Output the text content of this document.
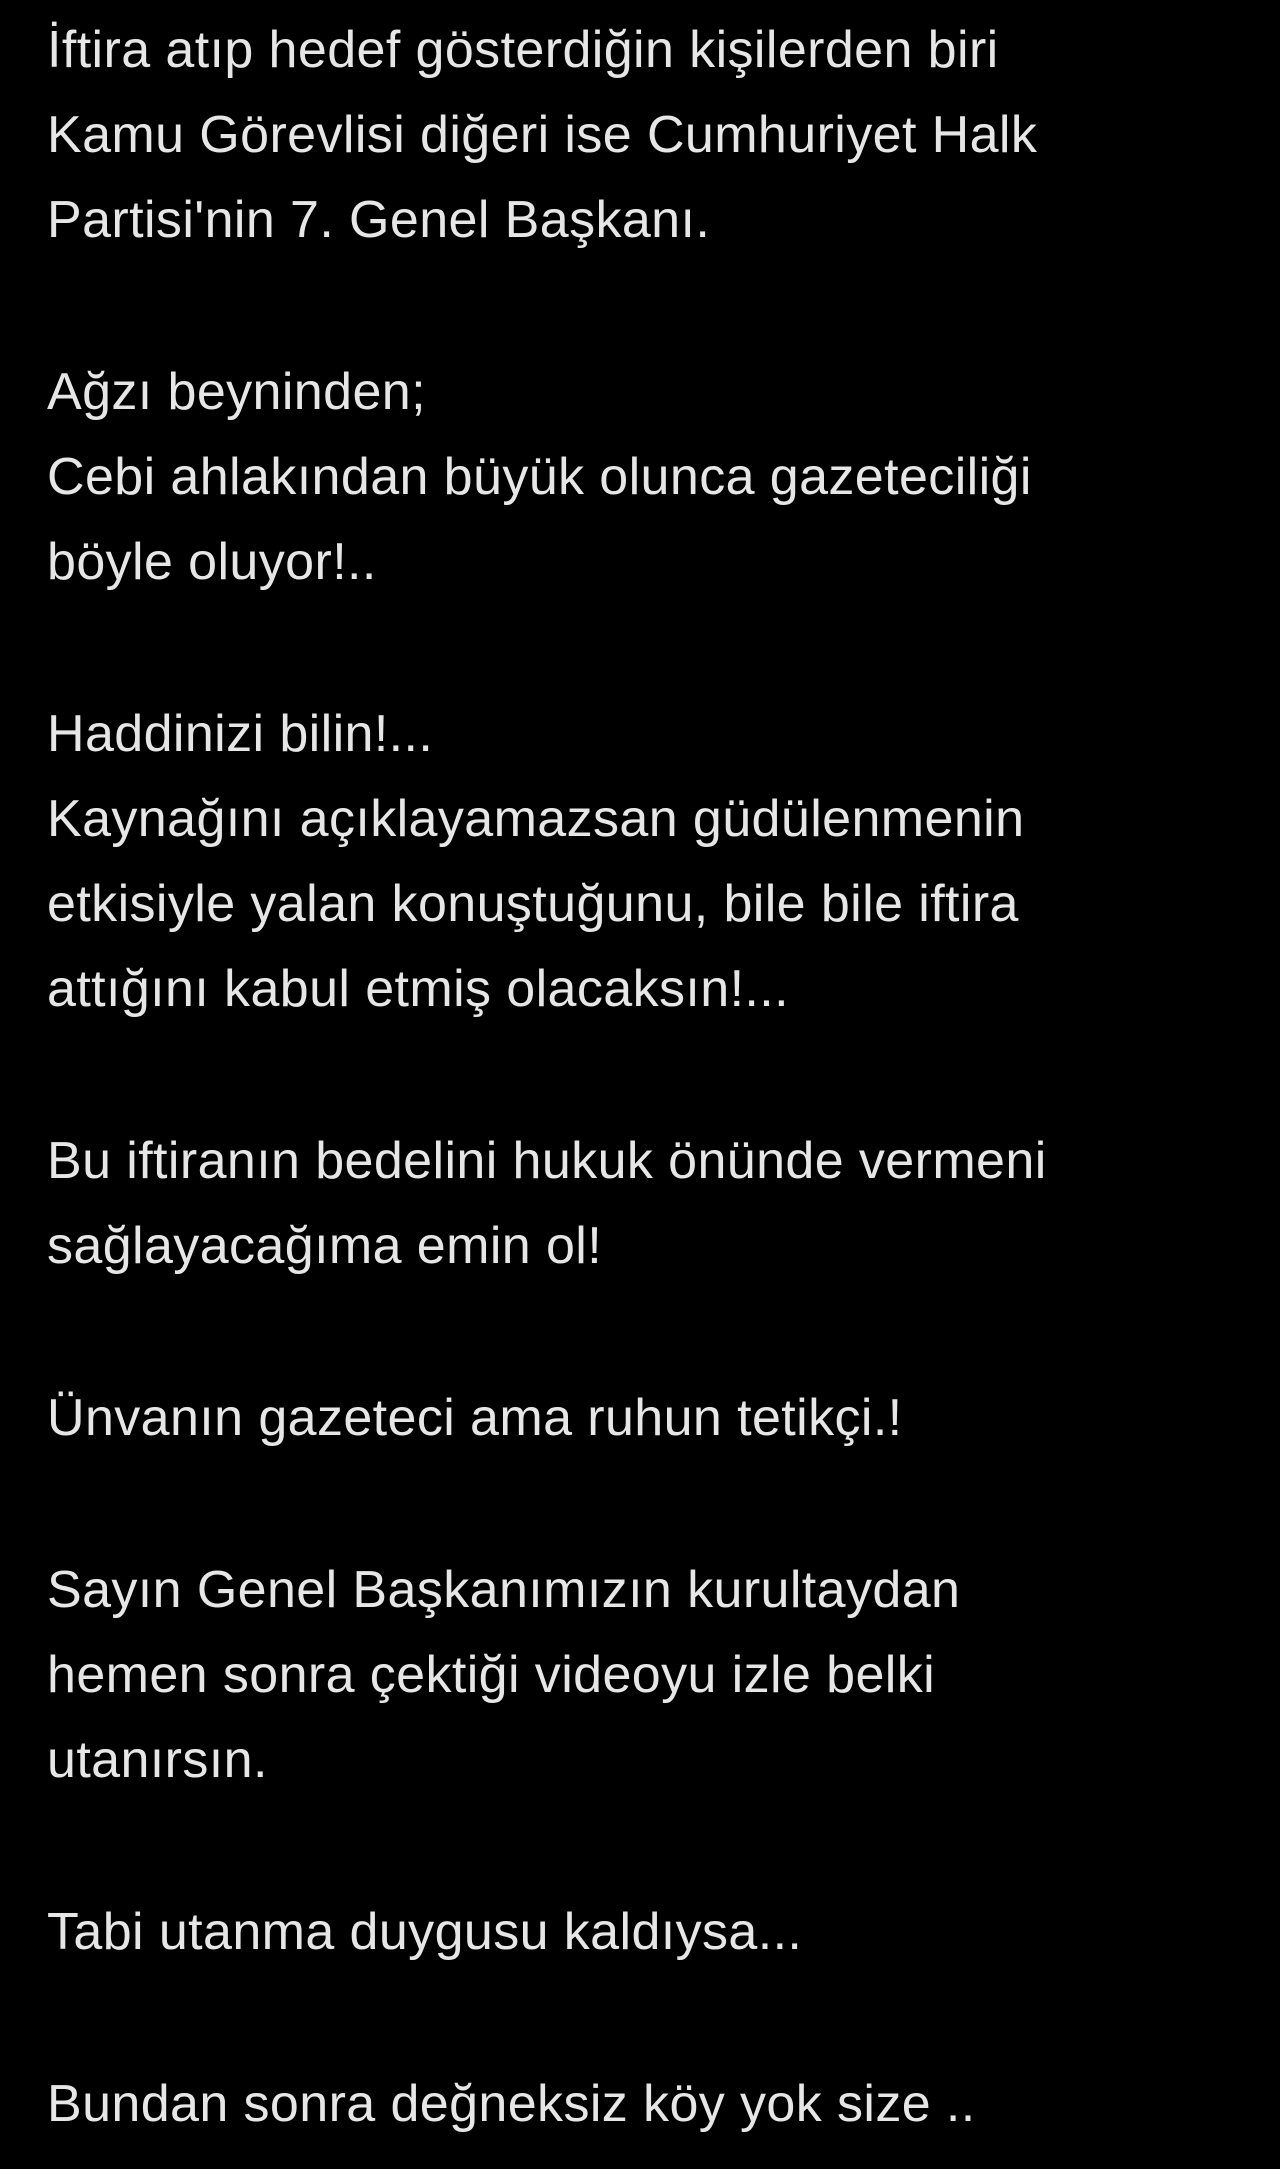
İftira atıp hedef gösterdiğin kişilerden biri
Kamu Görevlisi diğeri ise Cumhuriyet Halk
Partisi'nin 7. Genel Başkanı.
Ağzı beyninden;
Cebi ahlakından büyük olunca gazeteciliği
böyle oluyor!..
Haddinizi bilin!...
Kaynağını açıklayamazsan güdülenmenin
etkisiyle yalan konuştuğunu, bile bile iftira
attığını kabul etmiş olacaksın!...
Bu iftiranın bedelini hukuk önünde vermeni
sağlayacağıma emin ol!
Ünvanın gazeteci ama ruhun tetikçi.!
Sayın Genel Başkanımızın kurultaydan
hemen sonra çektiği videoyu izle belki
utanırsın.
Tabi utanma duygusu kaldıysa...
Bundan sonra değneksiz köy yok size ..
